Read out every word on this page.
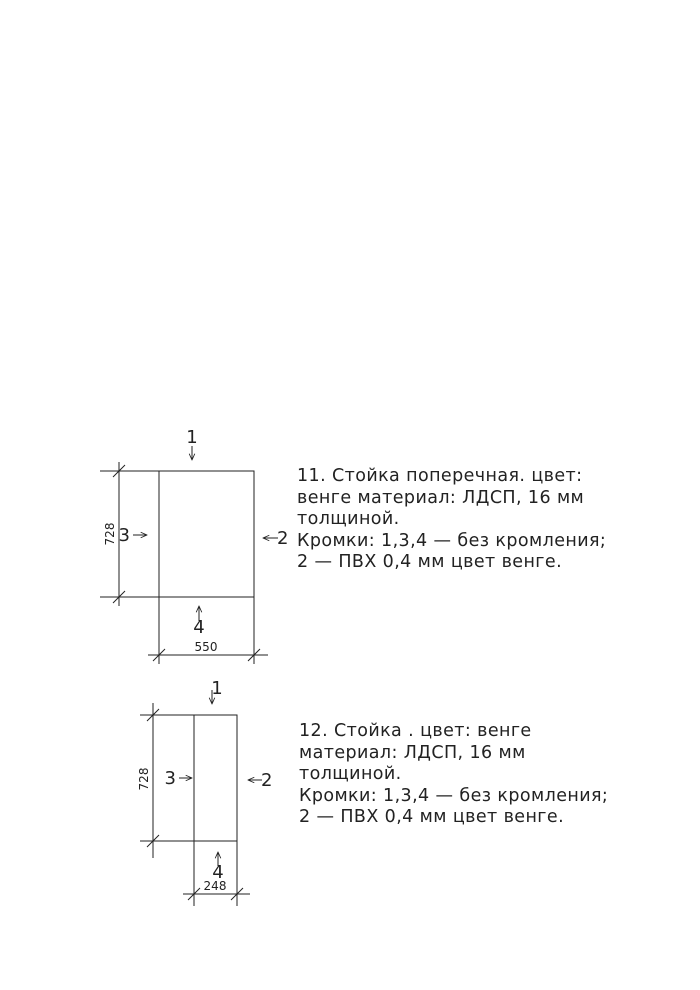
1
2
3
4
728
550
1
2
3
4
728
248
11. Стойка поперечная. цвет:
венге материал: ЛДСП, 16 мм
толщиной.
Кромки: 1,3,4 — без кромления;
2 — ПВХ 0,4 мм цвет венге.
12. Стойка . цвет: венге
материал: ЛДСП, 16 мм
толщиной.
Кромки: 1,3,4 — без кромления;
2 — ПВХ 0,4 мм цвет венге.
